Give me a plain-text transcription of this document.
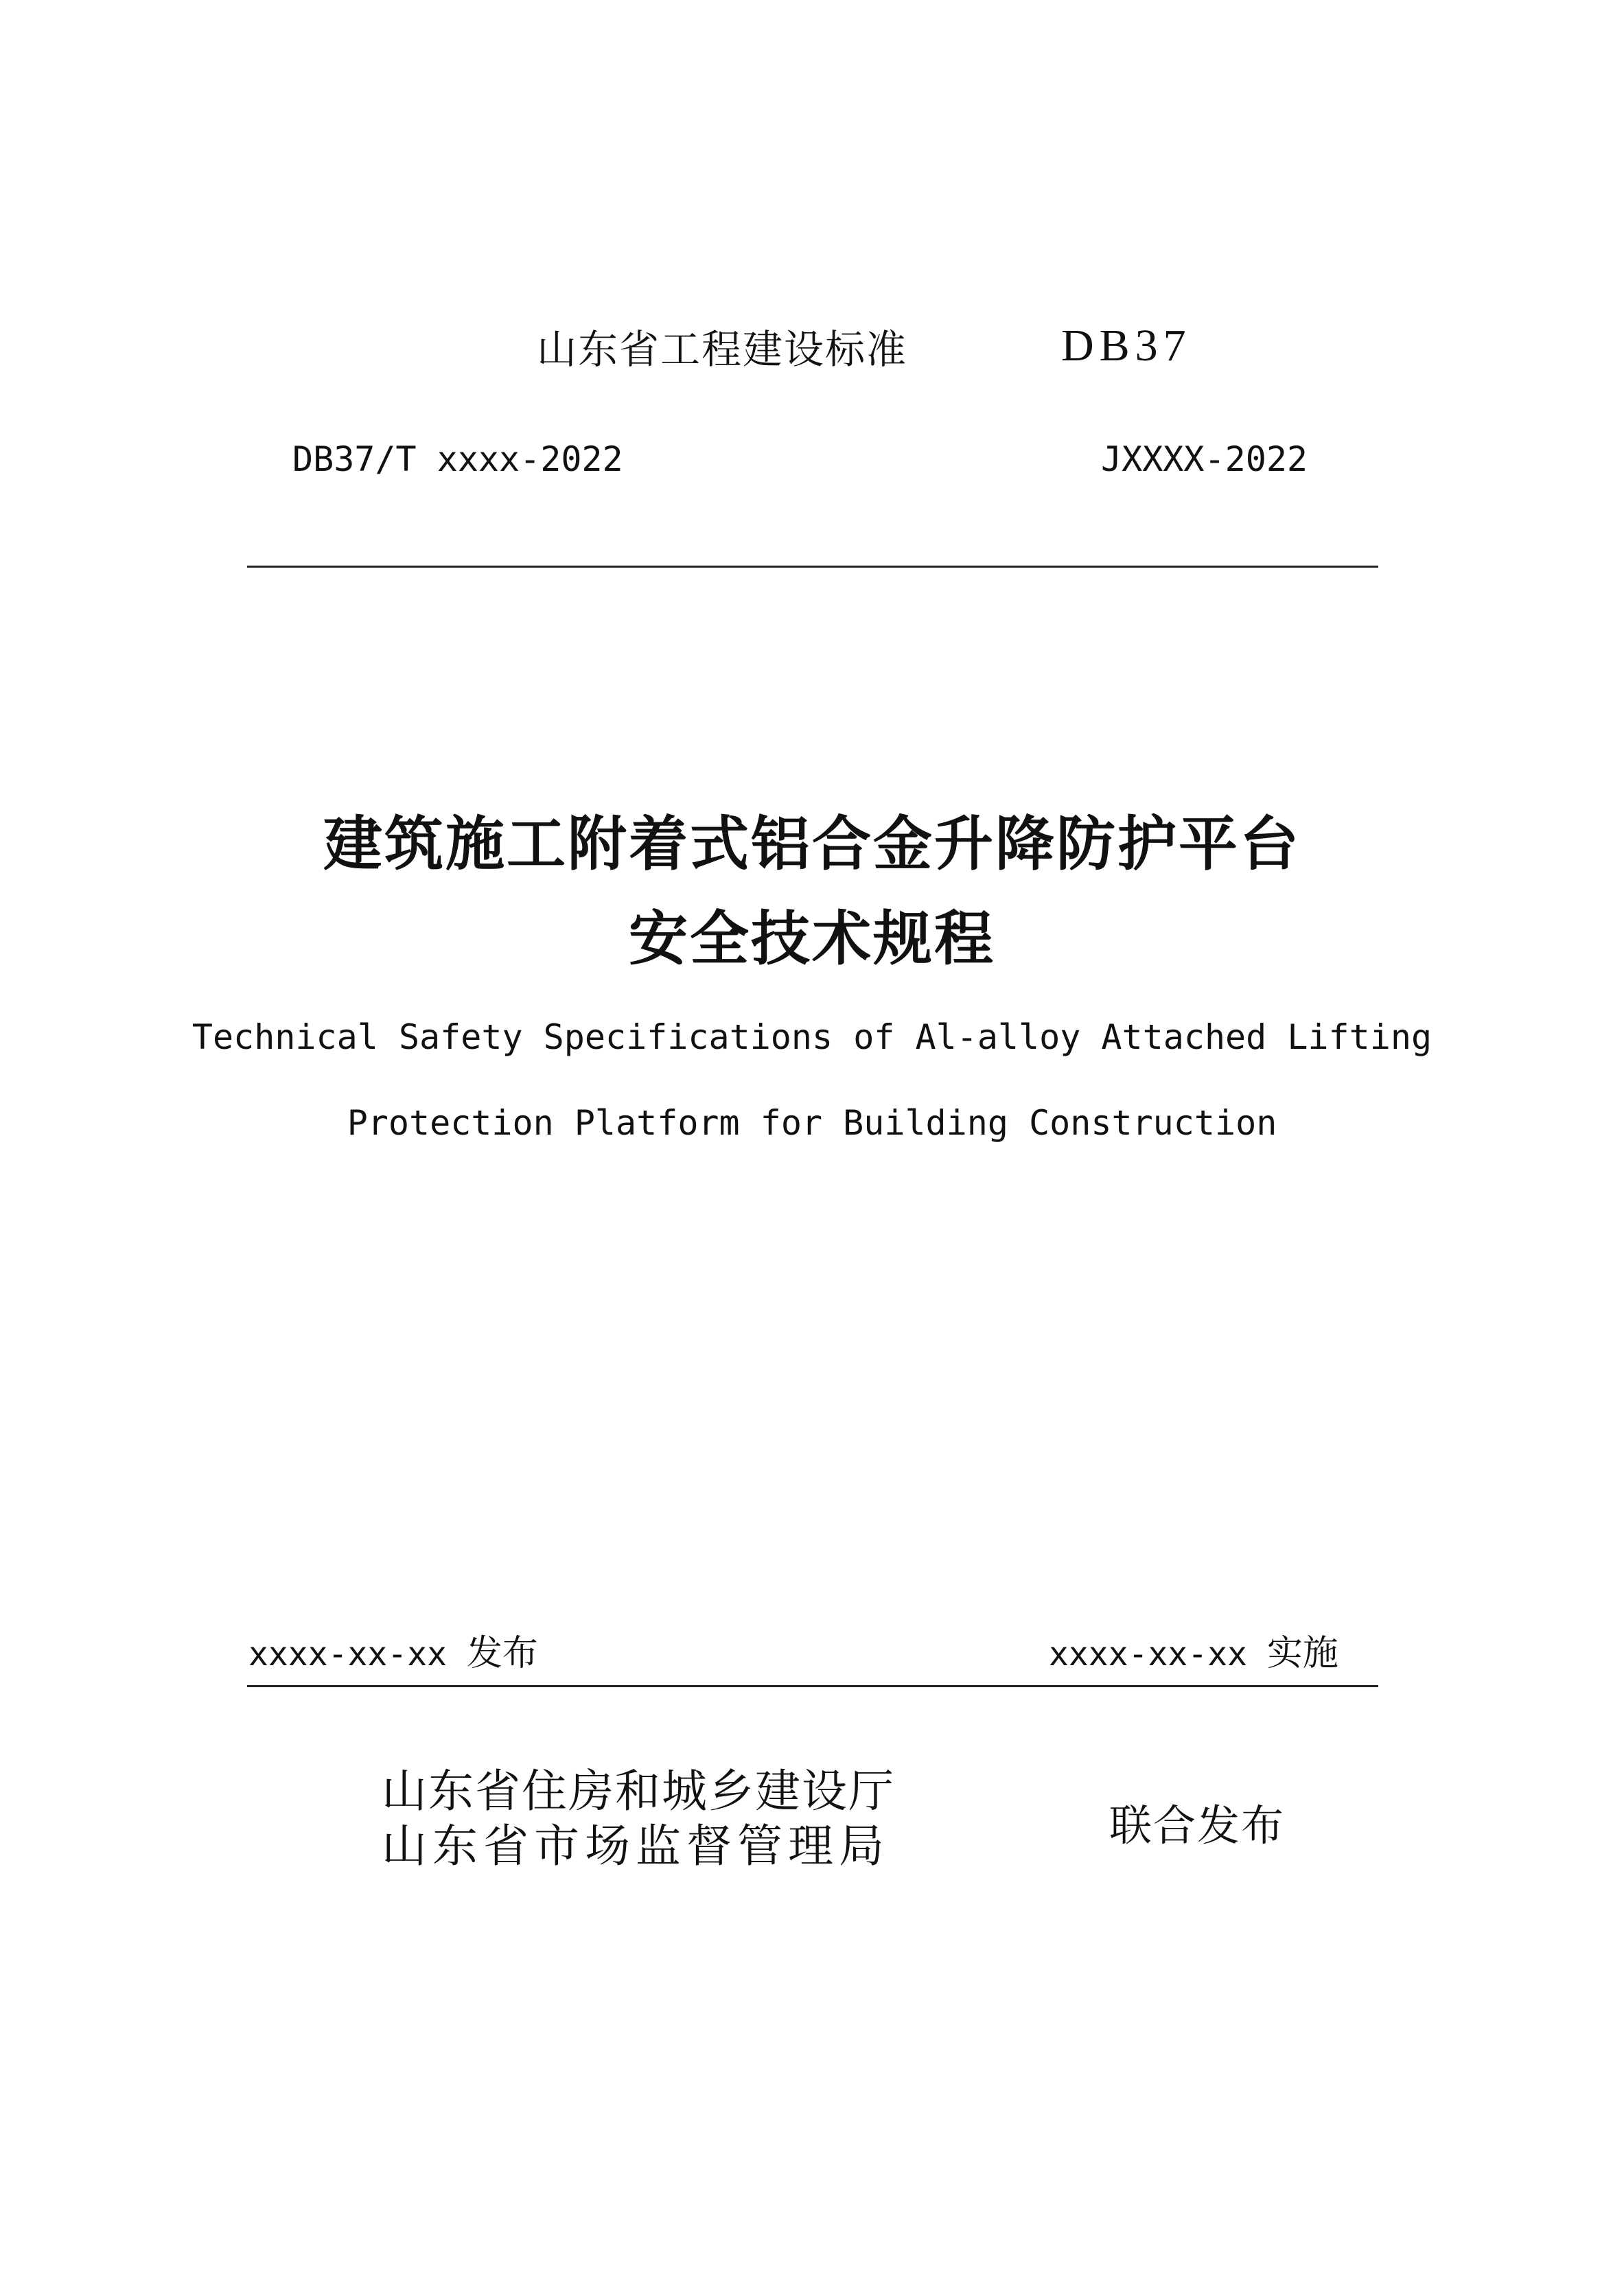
山东省工程建设标准	DB37
DB37/T xxxx-2022	JXXXX-2022
建筑施工附着式铝合金升降防护平台
安全技术规程
Technical Safety Specifications of Al-alloy Attached Lifting
Protection Platform for Building Construction
xxxx-xx-xx 发布	xxxx-xx-xx 实施
山东省住房和城乡建设厅
山东省市场监督管理局	联合发布
